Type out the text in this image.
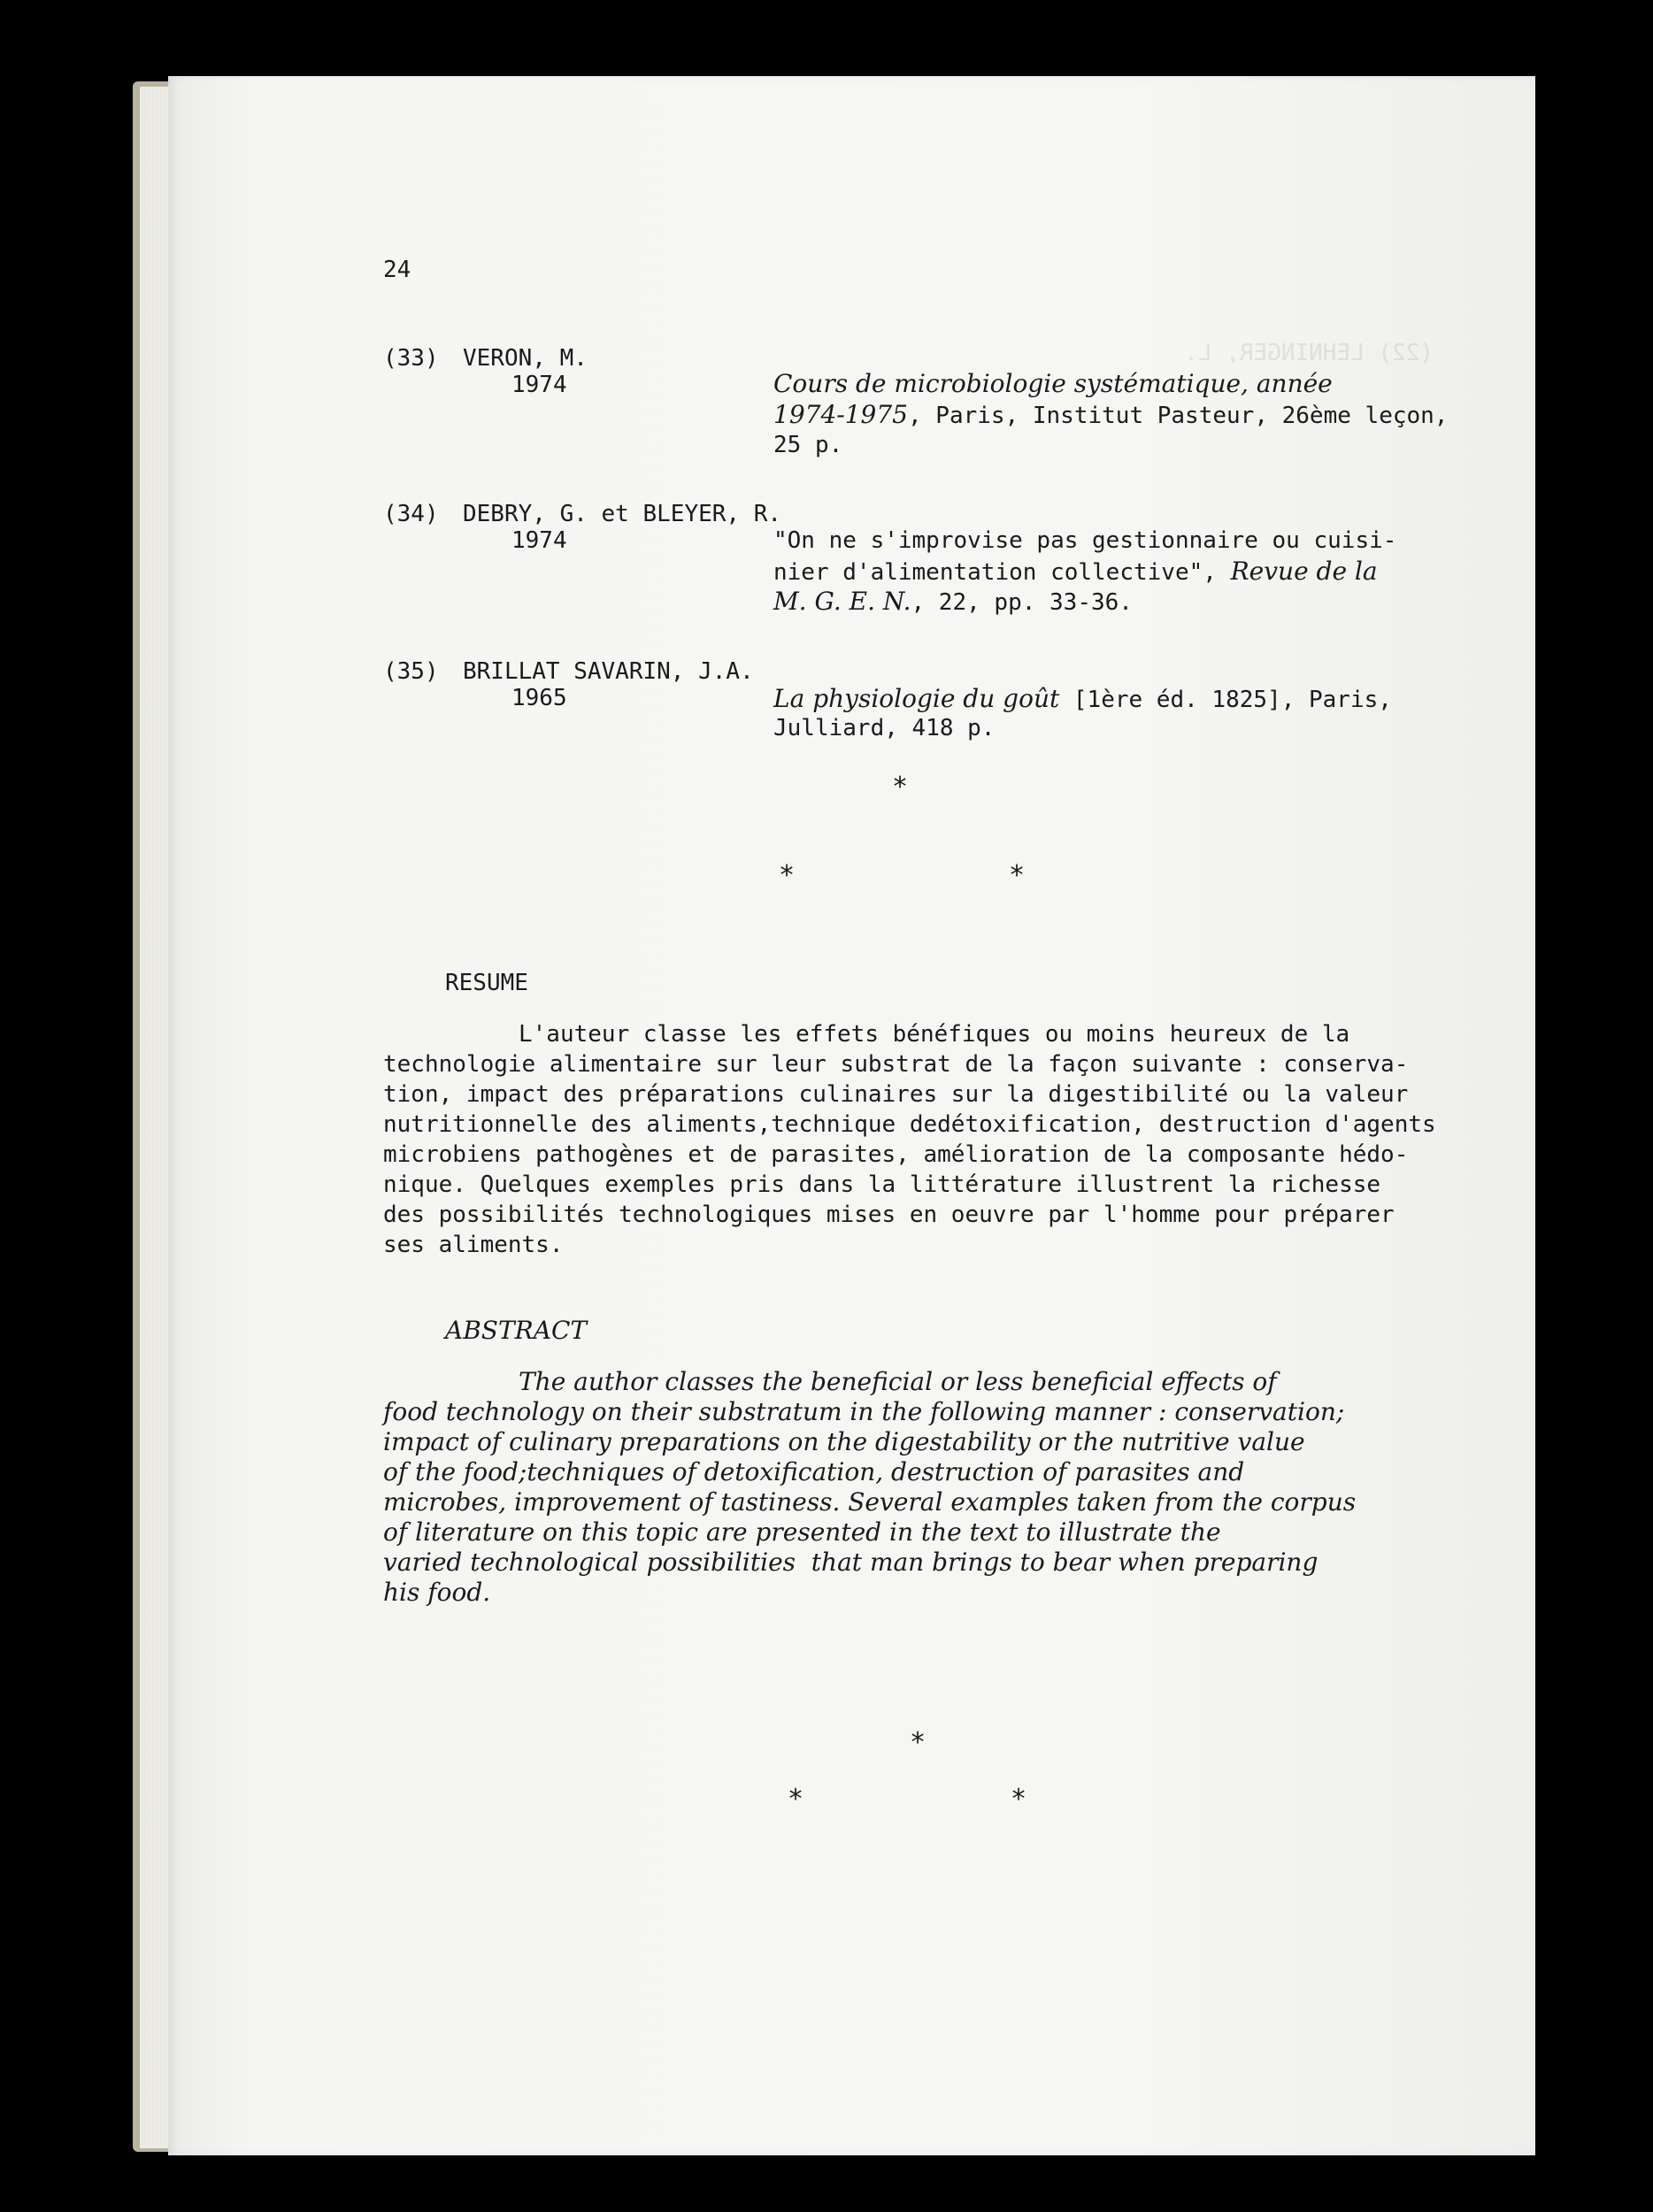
(22) LEHNINGER, L.
24
(33) VERON, M.
1974	Cours de microbiologie systématique, année
1974-1975, Paris, Institut Pasteur, 26ème leçon,
25 p.
(34) DEBRY, G. et BLEYER, R.
1974	"On ne s'improvise pas gestionnaire ou cuisi-
nier d'alimentation collective", Revue de la
M. G. E. N., 22, pp. 33-36.
(35) BRILLAT SAVARIN, J.A.
1965	La physiologie du goût [1ère éd. 1825], Paris,
Julliard, 418 p.
*
*	*
RESUME
L'auteur classe les effets bénéfiques ou moins heureux de la
technologie alimentaire sur leur substrat de la façon suivante : conserva-
tion, impact des préparations culinaires sur la digestibilité ou la valeur
nutritionnelle des aliments,technique dedétoxification, destruction d'agents
microbiens pathogènes et de parasites, amélioration de la composante hédo-
nique. Quelques exemples pris dans la littérature illustrent la richesse
des possibilités technologiques mises en oeuvre par l'homme pour préparer
ses aliments.
ABSTRACT
The author classes the beneficial or less beneficial effects of
food technology on their substratum in the following manner : conservation;
impact of culinary preparations on the digestability or the nutritive value
of the food;techniques of detoxification, destruction of parasites and
microbes, improvement of tastiness. Several examples taken from the corpus
of literature on this topic are presented in the text to illustrate the
varied technological possibilities  that man brings to bear when preparing
his food.
*
*	*
